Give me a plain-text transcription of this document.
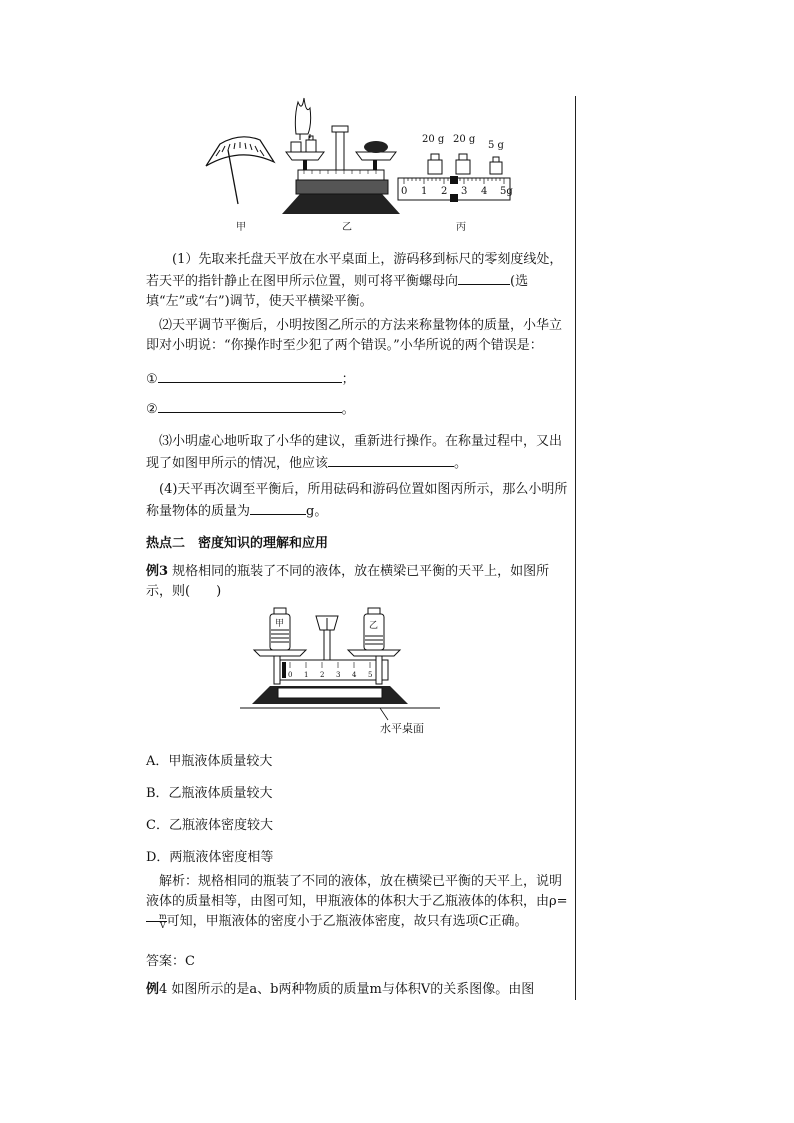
20 g 20 g
5 g
0 1 2 3 4 5g
甲	乙	丙
(1）先取来托盘天平放在水平桌面上，游码移到标尺的零刻度线处，若天平的指针静止在图甲所示位置，则可将平衡螺母向	(选填“左”或“右”)调节，使天平横梁平衡。
⑵天平调节平衡后，小明按图乙所示的方法来称量物体的质量，小华立即对小明说：“你操作时至少犯了两个错误。”小华所说的两个错误是：
①	；
②	。
⑶小明虚心地听取了小华的建议，重新进行操作。在称量过程中，又出现了如图甲所示的情况，他应该	。
(4)天平再次调至平衡后，所用砝码和游码位置如图丙所示，那么小明所称量物体的质量为	g。
热点二　密度知识的理解和应用
例3 规格相同的瓶装了不同的液体，放在横梁已平衡的天平上，如图所示，则(　　)
甲	乙
0 1 2 3 4 5
水平桌面
A．甲瓶液体质量较大
B．乙瓶液体质量较大
C．乙瓶液体密度较大
D．两瓶液体密度相等
解析：规格相同的瓶装了不同的液体，放在横梁已平衡的天平上，说明液体的质量相等，由图可知，甲瓶液体的体积大于乙瓶液体的体积，由ρ=
$\frac{m}{V}$ 可知，甲瓶液体的密度小于乙瓶液体密度，故只有选项C正确。
答案：C
例4 如图所示的是a、b两种物质的质量m与体积V的关系图像。由图
